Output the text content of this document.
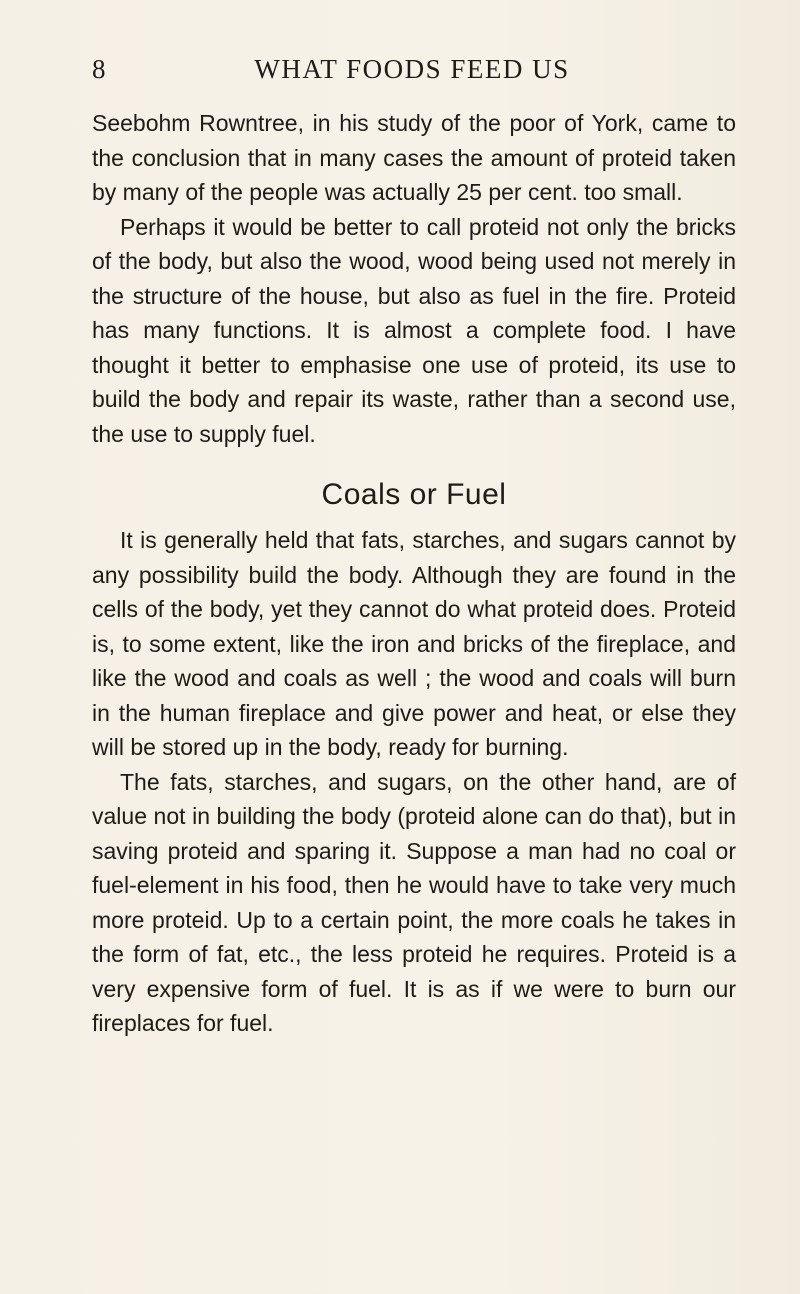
8	WHAT FOODS FEED US

Seebohm Rowntree, in his study of the poor of York, came to the conclusion that in many cases the amount of proteid taken by many of the people was actually 25 per cent. too small.

Perhaps it would be better to call proteid not only the bricks of the body, but also the wood, wood being used not merely in the structure of the house, but also as fuel in the fire. Proteid has many functions. It is almost a complete food. I have thought it better to emphasise one use of proteid, its use to build the body and repair its waste, rather than a second use, the use to supply fuel.

Coals or Fuel

It is generally held that fats, starches, and sugars cannot by any possibility build the body. Although they are found in the cells of the body, yet they cannot do what proteid does. Proteid is, to some extent, like the iron and bricks of the fireplace, and like the wood and coals as well ; the wood and coals will burn in the human fireplace and give power and heat, or else they will be stored up in the body, ready for burning.

The fats, starches, and sugars, on the other hand, are of value not in building the body (proteid alone can do that), but in saving proteid and sparing it. Suppose a man had no coal or fuel-element in his food, then he would have to take very much more proteid. Up to a certain point, the more coals he takes in the form of fat, etc., the less proteid he requires. Proteid is a very expensive form of fuel. It is as if we were to burn our fireplaces for fuel.
